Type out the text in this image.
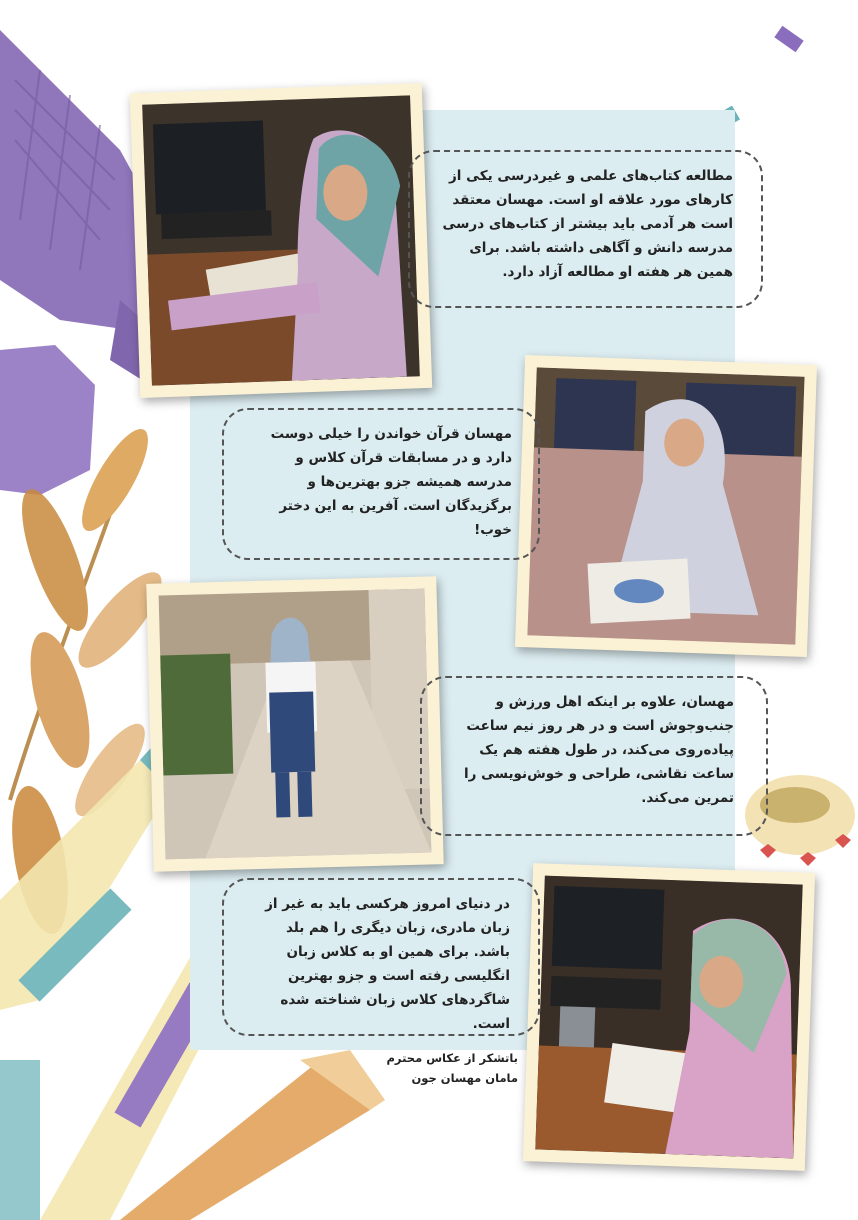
مطالعه کتاب‌های علمی و غیردرسی یکی از کارهای مورد علاقه او است. مهسان معتقد است هر آدمی باید بیشتر از کتاب‌های درسی مدرسه دانش و آگاهی داشته باشد. برای همین هر هفته او مطالعه آزاد دارد.
مهسان قرآن خواندن را خیلی دوست دارد و در مسابقات قرآن کلاس و مدرسه همیشه جزو بهترین‌ها و برگزیدگان است. آفرین به این دختر خوب!
مهسان، علاوه بر اینکه اهل ورزش و جنب‌وجوش است و در هر روز نیم ساعت پیاده‌روی می‌کند، در طول هفته هم یک ساعت نقاشی، طراحی و خوش‌نویسی را تمرین می‌کند.
در دنیای امروز هرکسی باید به غیر از زبان مادری، زبان دیگری را هم بلد باشد. برای همین او به کلاس زبان انگلیسی رفته است و جزو بهترین شاگردهای کلاس زبان شناخته شده است.
باتشکر از عکاس محترم
مامان مهسان جون
